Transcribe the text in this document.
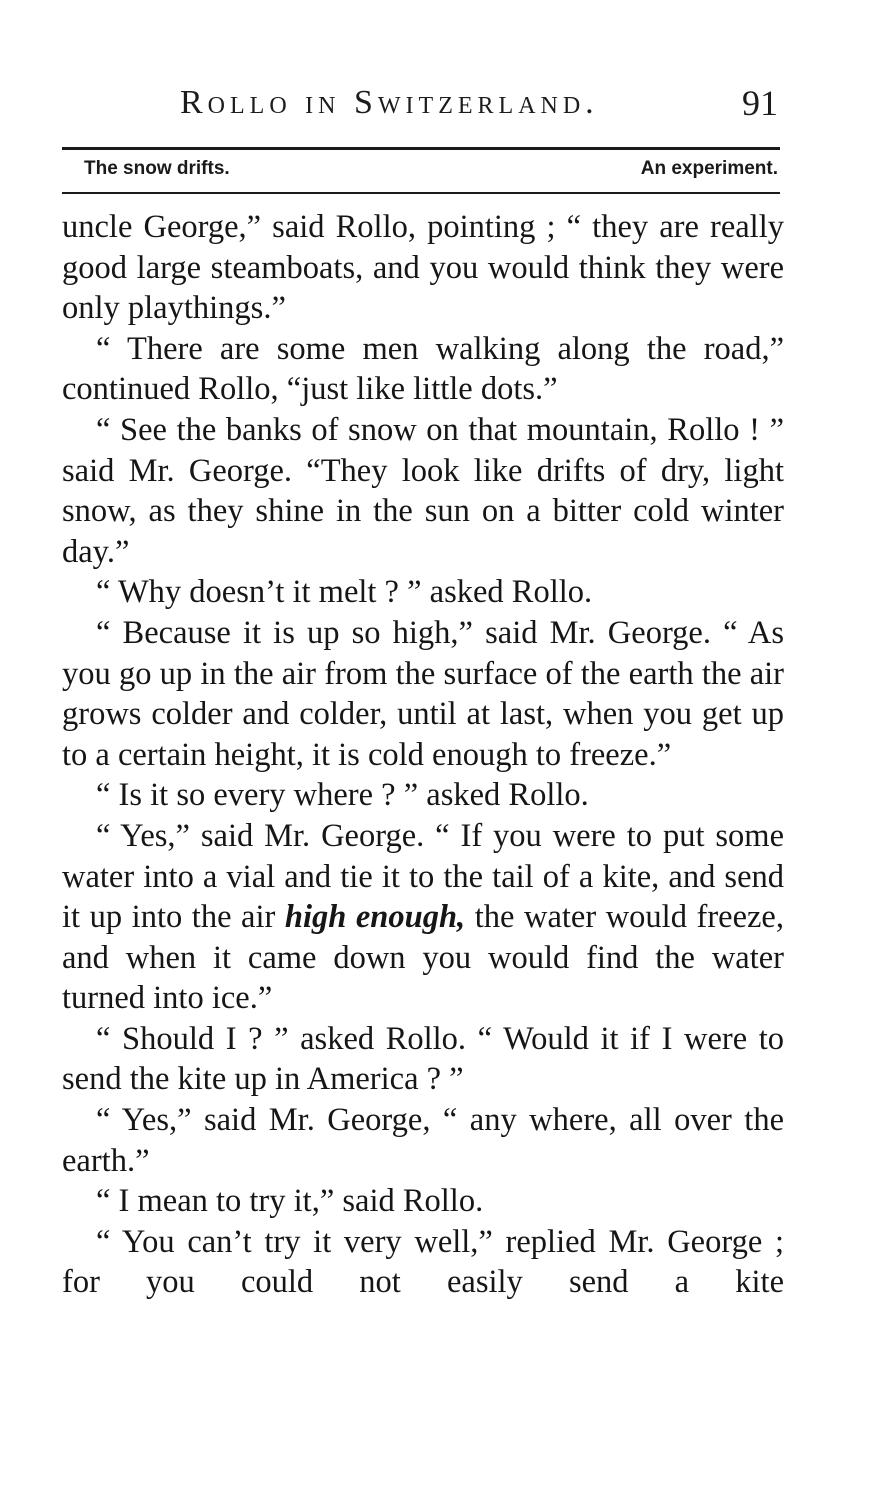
Rollo in Switzerland.	91
The snow drifts.	An experiment.

uncle George,” said Rollo, pointing ; “ they are really good large steamboats, and you would think they were only playthings.”

“ There are some men walking along the road,” continued Rollo, “just like little dots.”

“ See the banks of snow on that mountain, Rollo ! ” said Mr. George. “They look like drifts of dry, light snow, as they shine in the sun on a bitter cold winter day.”

“ Why doesn’t it melt ? ” asked Rollo.

“ Because it is up so high,” said Mr. George. “ As you go up in the air from the surface of the earth the air grows colder and colder, until at last, when you get up to a certain height, it is cold enough to freeze.”

“ Is it so every where ? ” asked Rollo.

“ Yes,” said Mr. George. “ If you were to put some water into a vial and tie it to the tail of a kite, and send it up into the air high enough, the water would freeze, and when it came down you would find the water turned into ice.”

“ Should I ? ” asked Rollo. “ Would it if I were to send the kite up in America ? ”

“ Yes,” said Mr. George, “ any where, all over the earth.”

“ I mean to try it,” said Rollo.

“ You can’t try it very well,” replied Mr. George ; for you could not easily send a kite
